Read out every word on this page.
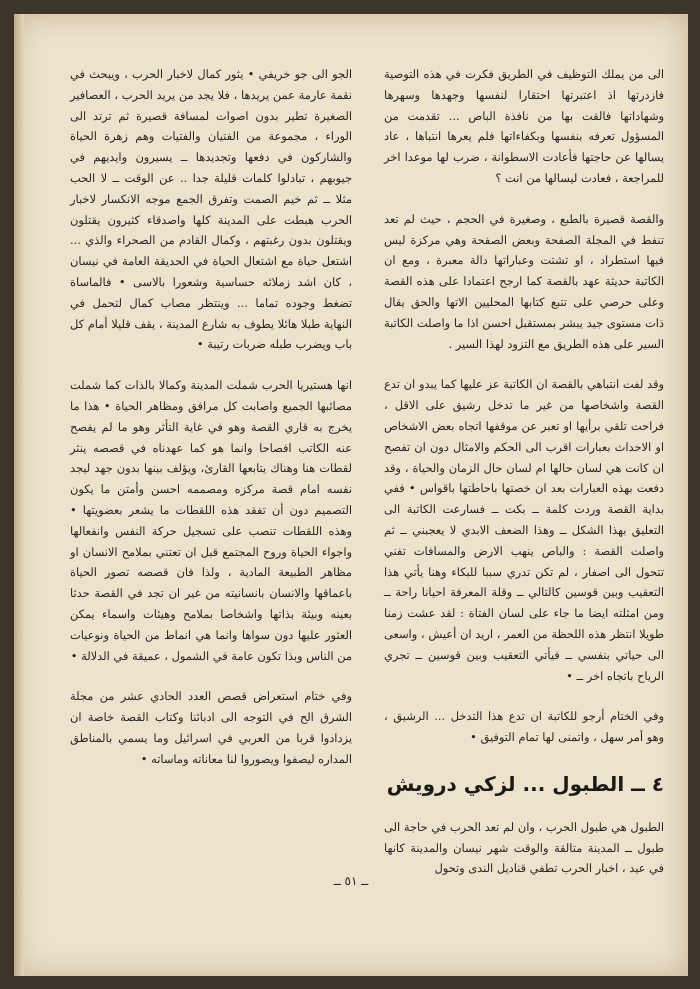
الى من يملك التوظيف في الطريق فكرت في هذه التوصية فازدرتها اذ اعتبرتها احتقارا لنفسها وجهدها وسهرها وشهاداتها فالقت بها من نافذة الباص ... تقدمت من المسؤول تعرفه بنفسها وبكفاءاتها فلم يعرها انتباها ، عاد يسالها عن حاجتها فأعادت الاسطوانة ، ضرب لها موعدا اخر للمراجعة ، فعادت ليسالها من انت ؟

والقصة قصيرة بالطبع ، وصغيرة في الحجم ، حيث لم تعد تنفط في المجلة الصفحة وبعض الصفحة وهي مركزة ليس فيها استطراد ، او تشتت وعباراتها دالة معبرة ، ومع ان الكاتبة حديثة عهد بالقصة كما ارجح اعتمادا على هذه القصة وعلى حرصي على تتبع كتابها المحليين الاتها والحق يقال ذات مستوى جيد يبشر بمستقبل احسن اذا ما واصلت الكاتبة السير على هذه الطريق مع التزود لهذا السير .

وقد لفت انتباهي بالقصة ان الكاتبة عز عليها كما يبدو ان تدع القصة واشخاصها من غير ما تدخل رشيق على الاقل ، فراحت تلقي برأيها او تعبر عن موقفها اتجاه بعض الاشخاص او الاحداث بعبارات اقرب الى الحكم والامثال دون ان تفصح ان كانت هي لسان حالها ام لسان حال الزمان والحياة ، وقد دفعت بهذه العبارات بعد ان خصتها باحاطتها باقواس • ففي بداية القصة وردت كلمة ــ بكت ــ فسارعت الكاتبة الى التعليق بهذا الشكل ــ وهذا الضعف الابدي لا يعجبني ــ ثم واصلت القصة : والباص ينهب الارض والمسافات تفني تتحول الى اصفار ، لم تكن تدري سببا للبكاء وهنا يأتي هذا التعقيب وبين قوسين كالتالي ــ وقلة المعرفة احيانا راحة ــ ومن امثلته ايضا ما جاء على لسان الفتاة : لقد عشت زمنا طويلا انتظر هذه اللحظة من العمر ، اريد ان أعيش ، واسعى الى حياتي بنفسي ــ فيأتي التعقيب وبين قوسين ــ تجري الرياح باتجاه اخر ــ •

وفي الختام أرجو للكاتبة ان تدع هذا التدخل ... الرشيق ، وهو أمر سهل ، واتمنى لها تمام التوفيق •

٤ ــ الطبول ... لزكي درويش

الطبول هي طبول الحرب ، وان لم تعد الحرب في حاجة الى طبول ــ المدينة متالقة والوقت شهر نيسان والمدينة كانها في عيد ، اخبار الحرب تطفي قناديل الندى وتحول

الجو الى جو خريفي • يثور كمال لاخبار الحرب ، ويبحث في نقمة عارمة عمن يريدها ، فلا يجد من يريد الحرب ، العصافير الصغيرة تطير بدون اصوات لمسافة قصيرة ثم ترتد الى الوراء ، مجموعة من الفتيان والفتيات وهم زهرة الحياة والشاركون في دفعها وتجديدها ــ يسيرون وايديهم في جيوبهم ، تبادلوا كلمات قليلة جدا .. عن الوقت ــ لا الحب مثلا ــ ثم خيم الصمت وتفرق الجمع موجه الانكسار لاخبار الحرب هبطت على المدينة كلها واصدقاء كثيرون يقتلون ويقتلون بدون رغبتهم ، وكمال القادم من الصحراء والذي ... اشتعل حياة مع اشتعال الحياة في الحديقة العامة في نيسان ، كان اشد زملائه حساسية وشعورا بالاسى • فالماساة تضغط وجوده تماما ... وينتظر مصاب كمال لتحمل في النهاية طبلا هائلا يطوف به شارع المدينة ، يقف قليلا أمام كل باب ويضرب طبله ضربات رتيبة •

انها هستيريا الحرب شملت المدينة وكمالا بالذات كما شملت مصائبها الجميع واصابت كل مرافق ومظاهر الحياة • هذا ما يخرج به قاري القصة وهو في غاية التأثر وهو ما لم يفصح عنه الكاتب افصاحا وانما هو كما عهدناه في قصصه ينثر لقطات هنا وهناك يتابعها القارئ، ويؤلف بينها بدون جهد ليجد نفسه امام قصة مركزه ومصممه احسن وأمتن ما يكون التصميم دون أن تفقد هذه اللقطات ما يشعر بعضويتها • وهذه اللقطات تنصب على تسجيل حركة النفس وانفعالها واجواء الحياة وروح المجتمع قبل ان تعتني بملامح الانسان او مظاهر الطبيعة المادية ، ولذا فان قصصه تصور الحياة باعماقها والانسان بانسانيته من غير ان تجد في القصة حدثا بعينه وبيئة بذاتها واشخاصا بملامح وهيئات واسماء يمكن العثور عليها دون سواها وانما هي انماط من الحياة ونوعيات من الناس وبذا تكون عامة في الشمول ، عميقة في الدلالة •

وفي ختام استعراض قصص العدد الحادي عشر من مجلة الشرق الح في التوجه الى ادبائنا وكتاب القصة خاصة ان يزدادوا قربا من العربي في اسرائيل وما يسمي بالمناطق المداره ليصفوا ويصوروا لنا معاناته وماساته •

ــ ٥١ ــ
